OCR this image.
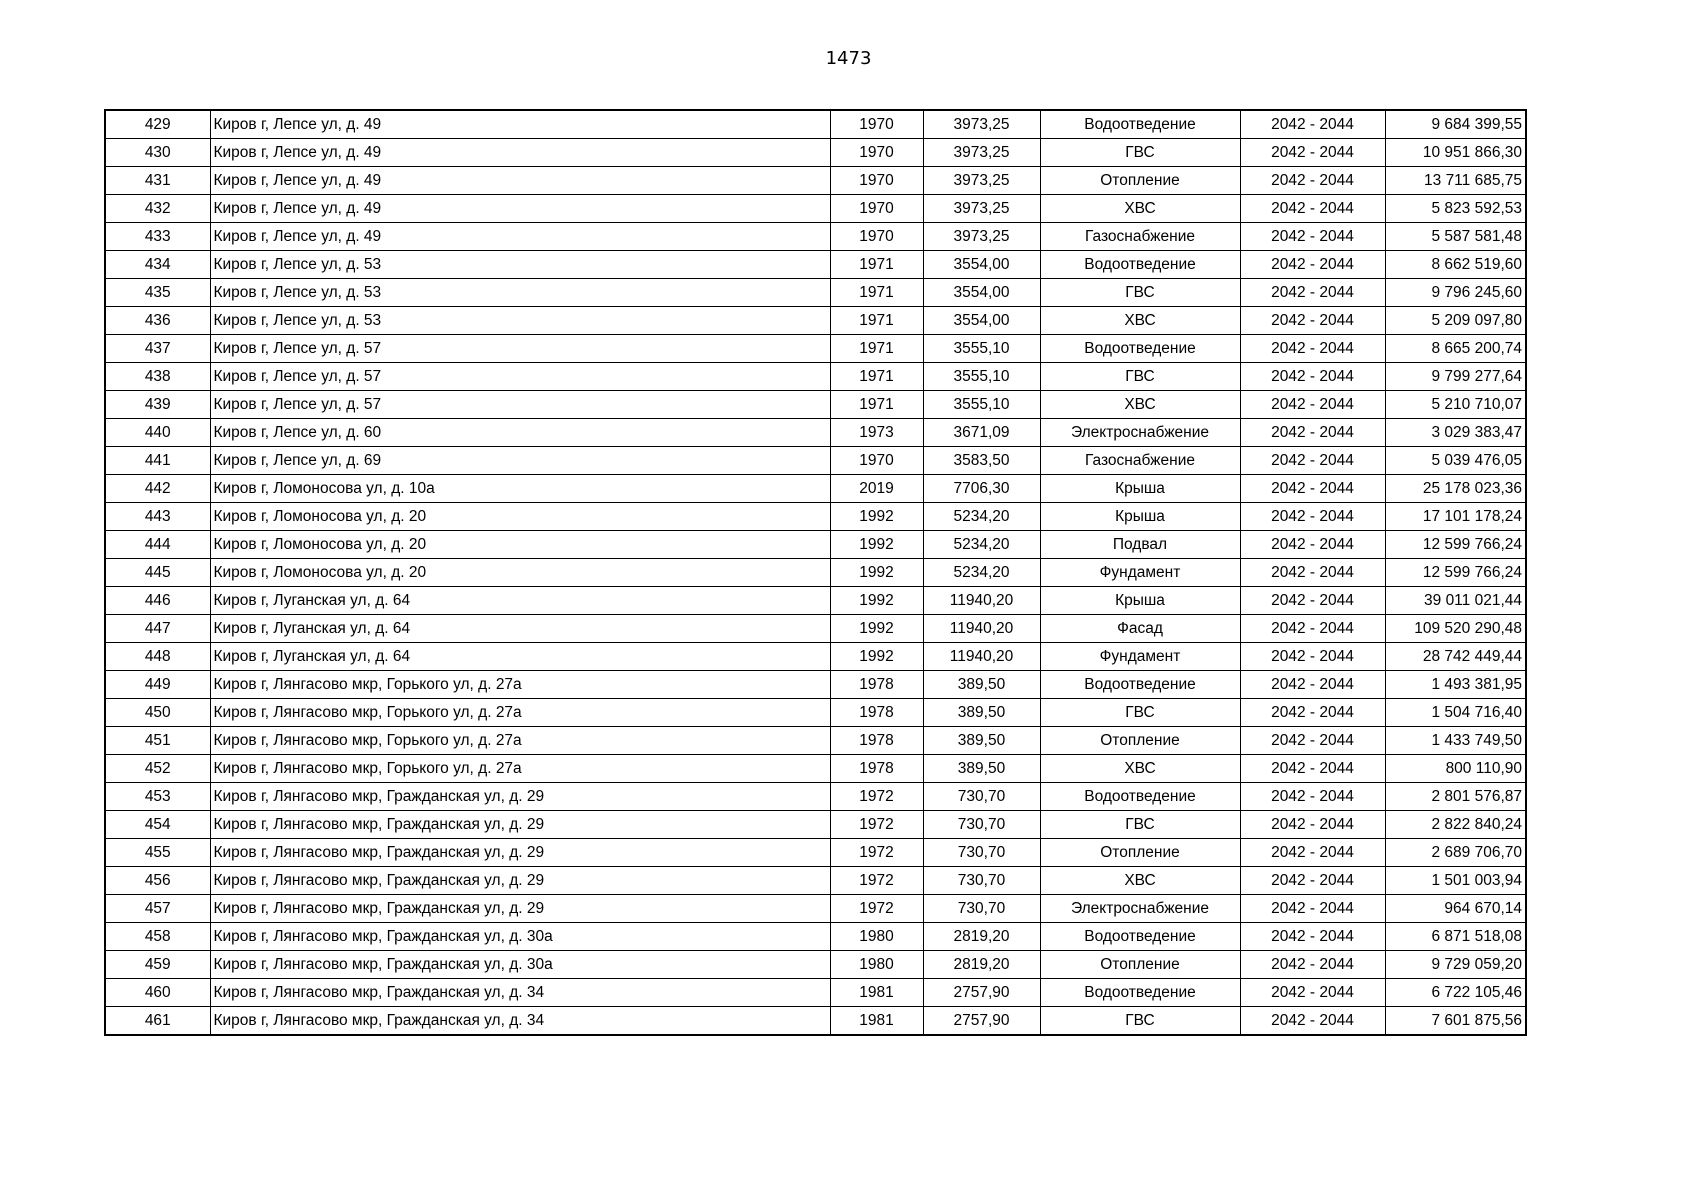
1473
429	Киров г, Лепсе ул, д. 49	1970	3973,25	Водоотведение	2042 - 2044	9 684 399,55
430	Киров г, Лепсе ул, д. 49	1970	3973,25	ГВС	2042 - 2044	10 951 866,30
431	Киров г, Лепсе ул, д. 49	1970	3973,25	Отопление	2042 - 2044	13 711 685,75
432	Киров г, Лепсе ул, д. 49	1970	3973,25	ХВС	2042 - 2044	5 823 592,53
433	Киров г, Лепсе ул, д. 49	1970	3973,25	Газоснабжение	2042 - 2044	5 587 581,48
434	Киров г, Лепсе ул, д. 53	1971	3554,00	Водоотведение	2042 - 2044	8 662 519,60
435	Киров г, Лепсе ул, д. 53	1971	3554,00	ГВС	2042 - 2044	9 796 245,60
436	Киров г, Лепсе ул, д. 53	1971	3554,00	ХВС	2042 - 2044	5 209 097,80
437	Киров г, Лепсе ул, д. 57	1971	3555,10	Водоотведение	2042 - 2044	8 665 200,74
438	Киров г, Лепсе ул, д. 57	1971	3555,10	ГВС	2042 - 2044	9 799 277,64
439	Киров г, Лепсе ул, д. 57	1971	3555,10	ХВС	2042 - 2044	5 210 710,07
440	Киров г, Лепсе ул, д. 60	1973	3671,09	Электроснабжение	2042 - 2044	3 029 383,47
441	Киров г, Лепсе ул, д. 69	1970	3583,50	Газоснабжение	2042 - 2044	5 039 476,05
442	Киров г, Ломоносова ул, д. 10а	2019	7706,30	Крыша	2042 - 2044	25 178 023,36
443	Киров г, Ломоносова ул, д. 20	1992	5234,20	Крыша	2042 - 2044	17 101 178,24
444	Киров г, Ломоносова ул, д. 20	1992	5234,20	Подвал	2042 - 2044	12 599 766,24
445	Киров г, Ломоносова ул, д. 20	1992	5234,20	Фундамент	2042 - 2044	12 599 766,24
446	Киров г, Луганская ул, д. 64	1992	11940,20	Крыша	2042 - 2044	39 011 021,44
447	Киров г, Луганская ул, д. 64	1992	11940,20	Фасад	2042 - 2044	109 520 290,48
448	Киров г, Луганская ул, д. 64	1992	11940,20	Фундамент	2042 - 2044	28 742 449,44
449	Киров г, Лянгасово мкр, Горького ул, д. 27а	1978	389,50	Водоотведение	2042 - 2044	1 493 381,95
450	Киров г, Лянгасово мкр, Горького ул, д. 27а	1978	389,50	ГВС	2042 - 2044	1 504 716,40
451	Киров г, Лянгасово мкр, Горького ул, д. 27а	1978	389,50	Отопление	2042 - 2044	1 433 749,50
452	Киров г, Лянгасово мкр, Горького ул, д. 27а	1978	389,50	ХВС	2042 - 2044	800 110,90
453	Киров г, Лянгасово мкр, Гражданская ул, д. 29	1972	730,70	Водоотведение	2042 - 2044	2 801 576,87
454	Киров г, Лянгасово мкр, Гражданская ул, д. 29	1972	730,70	ГВС	2042 - 2044	2 822 840,24
455	Киров г, Лянгасово мкр, Гражданская ул, д. 29	1972	730,70	Отопление	2042 - 2044	2 689 706,70
456	Киров г, Лянгасово мкр, Гражданская ул, д. 29	1972	730,70	ХВС	2042 - 2044	1 501 003,94
457	Киров г, Лянгасово мкр, Гражданская ул, д. 29	1972	730,70	Электроснабжение	2042 - 2044	964 670,14
458	Киров г, Лянгасово мкр, Гражданская ул, д. 30а	1980	2819,20	Водоотведение	2042 - 2044	6 871 518,08
459	Киров г, Лянгасово мкр, Гражданская ул, д. 30а	1980	2819,20	Отопление	2042 - 2044	9 729 059,20
460	Киров г, Лянгасово мкр, Гражданская ул, д. 34	1981	2757,90	Водоотведение	2042 - 2044	6 722 105,46
461	Киров г, Лянгасово мкр, Гражданская ул, д. 34	1981	2757,90	ГВС	2042 - 2044	7 601 875,56
